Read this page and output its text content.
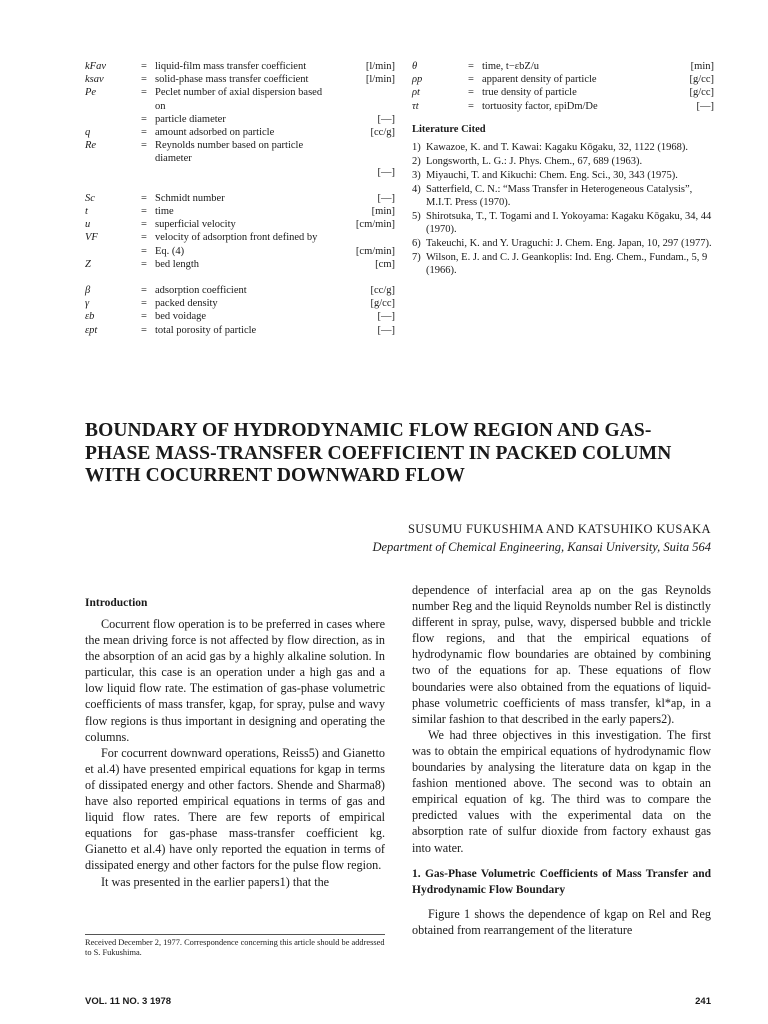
kFav	= liquid-film mass transfer coefficient	[l/min]
ksav	= solid-phase mass transfer coefficient	[l/min]
Pe	= Peclet number of axial dispersion based on
= particle diameter	[—]
q	= amount adsorbed on particle	[cc/g]
Re	= Reynolds number based on particle diameter
[—]
Sc	= Schmidt number	[—]
t	= time	[min]
u	= superficial velocity	[cm/min]
VF	= velocity of adsorption front defined by
= Eq. (4)	[cm/min]
Z	= bed length	[cm]
β	= adsorption coefficient	[cc/g]
γ	= packed density	[g/cc]
εb	= bed voidage	[—]
εpt	= total porosity of particle	[—]
θ	= time, t−εbZ/u	[min]
ρp	= apparent density of particle	[g/cc]
ρt	= true density of particle	[g/cc]
τt	= tortuosity factor, εpiDm/De	[—]
Literature Cited
1) Kawazoe, K. and T. Kawai: Kagaku Kōgaku, 32, 1122 (1968).
2) Longsworth, L. G.: J. Phys. Chem., 67, 689 (1963).
3) Miyauchi, T. and Kikuchi: Chem. Eng. Sci., 30, 343 (1975).
4) Satterfield, C. N.: “Mass Transfer in Heterogeneous Catalysis”, M.I.T. Press (1970).
5) Shirotsuka, T., T. Togami and I. Yokoyama: Kagaku Kōgaku, 34, 44 (1970).
6) Takeuchi, K. and Y. Uraguchi: J. Chem. Eng. Japan, 10, 297 (1977).
7) Wilson, E. J. and C. J. Geankoplis: Ind. Eng. Chem., Fundam., 5, 9 (1966).
BOUNDARY OF HYDRODYNAMIC FLOW REGION AND GAS-PHASE MASS-TRANSFER COEFFICIENT IN PACKED COLUMN WITH COCURRENT DOWNWARD FLOW
SUSUMU FUKUSHIMA AND KATSUHIKO KUSAKA
Department of Chemical Engineering, Kansai University, Suita 564
Introduction

Cocurrent flow operation is to be preferred in cases where the mean driving force is not affected by flow direction, as in the absorption of an acid gas by a highly alkaline solution. In particular, this case is an operation under a high gas and a low liquid flow rate. The estimation of gas-phase volumetric coefficients of mass transfer, kgap, for spray, pulse and wavy flow regions is thus important in designing and operating the columns.

For cocurrent downward operations, Reiss5) and Gianetto et al.4) have presented empirical equations for kgap in terms of dissipated energy and other factors. Shende and Sharma8) have also reported empirical equations in terms of gas and liquid flow rates. There are few reports of empirical equations for gas-phase mass-transfer coefficient kg. Gianetto et al.4) have only reported the equation in terms of dissipated energy and other factors for the pulse flow region.

It was presented in the earlier papers1) that the

Received December 2, 1977. Correspondence concerning this article should be addressed to S. Fukushima.

dependence of interfacial area ap on the gas Reynolds number Reg and the liquid Reynolds number Rel is distinctly different in spray, pulse, wavy, dispersed bubble and trickle flow regions, and that the empirical equations of hydrodynamic flow boundaries are obtained by combining two of the equations for ap. These equations of flow boundaries were also obtained from the equations of liquid-phase volumetric coefficients of mass transfer, kl*ap, in a similar fashion to that described in the early papers2).

We had three objectives in this investigation. The first was to obtain the empirical equations of hydrodynamic flow boundaries by analysing the literature data on kgap in the fashion mentioned above. The second was to obtain an empirical equation of kg. The third was to compare the predicted values with the experimental data on the absorption rate of sulfur dioxide from factory exhaust gas into water.

1. Gas-Phase Volumetric Coefficients of Mass Transfer and Hydrodynamic Flow Boundary

Figure 1 shows the dependence of kgap on Rel and Reg obtained from rearrangement of the literature

VOL. 11 NO. 3 1978	241
